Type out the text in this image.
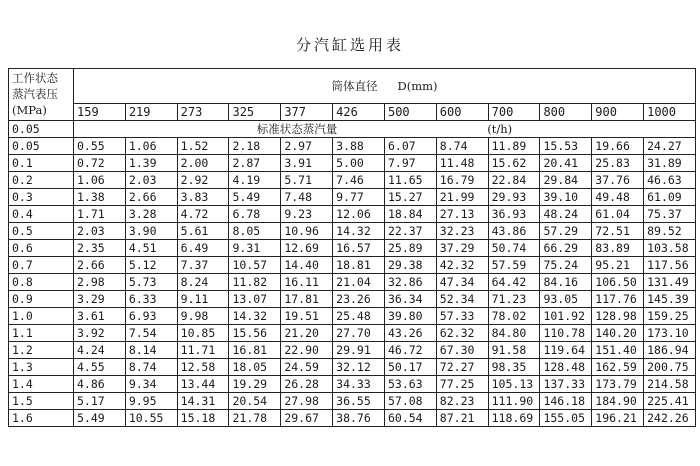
分汽缸选用表
工作状态
蒸汽表压
(MPa)	筒体直径 D(mm)											
	159	219	273	325	377	426	500	600	700	800	900	1000
0.05	标准状态蒸汽量 (t/h)											
0.05	0.55	1.06	1.52	2.18	2.97	3.88	6.07	8.74	11.89	15.53	19.66	24.27
0.1	0.72	1.39	2.00	2.87	3.91	5.00	7.97	11.48	15.62	20.41	25.83	31.89
0.2	1.06	2.03	2.92	4.19	5.71	7.46	11.65	16.79	22.84	29.84	37.76	46.63
0.3	1.38	2.66	3.83	5.49	7.48	9.77	15.27	21.99	29.93	39.10	49.48	61.09
0.4	1.71	3.28	4.72	6.78	9.23	12.06	18.84	27.13	36.93	48.24	61.04	75.37
0.5	2.03	3.90	5.61	8.05	10.96	14.32	22.37	32.23	43.86	57.29	72.51	89.52
0.6	2.35	4.51	6.49	9.31	12.69	16.57	25.89	37.29	50.74	66.29	83.89	103.58
0.7	2.66	5.12	7.37	10.57	14.40	18.81	29.38	42.32	57.59	75.24	95.21	117.56
0.8	2.98	5.73	8.24	11.82	16.11	21.04	32.86	47.34	64.42	84.16	106.50	131.49
0.9	3.29	6.33	9.11	13.07	17.81	23.26	36.34	52.34	71.23	93.05	117.76	145.39
1.0	3.61	6.93	9.98	14.32	19.51	25.48	39.80	57.33	78.02	101.92	128.98	159.25
1.1	3.92	7.54	10.85	15.56	21.20	27.70	43.26	62.32	84.80	110.78	140.20	173.10
1.2	4.24	8.14	11.71	16.81	22.90	29.91	46.72	67.30	91.58	119.64	151.40	186.94
1.3	4.55	8.74	12.58	18.05	24.59	32.12	50.17	72.27	98.35	128.48	162.59	200.75
1.4	4.86	9.34	13.44	19.29	26.28	34.33	53.63	77.25	105.13	137.33	173.79	214.58
1.5	5.17	9.95	14.31	20.54	27.98	36.55	57.08	82.23	111.90	146.18	184.90	225.41
1.6	5.49	10.55	15.18	21.78	29.67	38.76	60.54	87.21	118.69	155.05	196.21	242.26
